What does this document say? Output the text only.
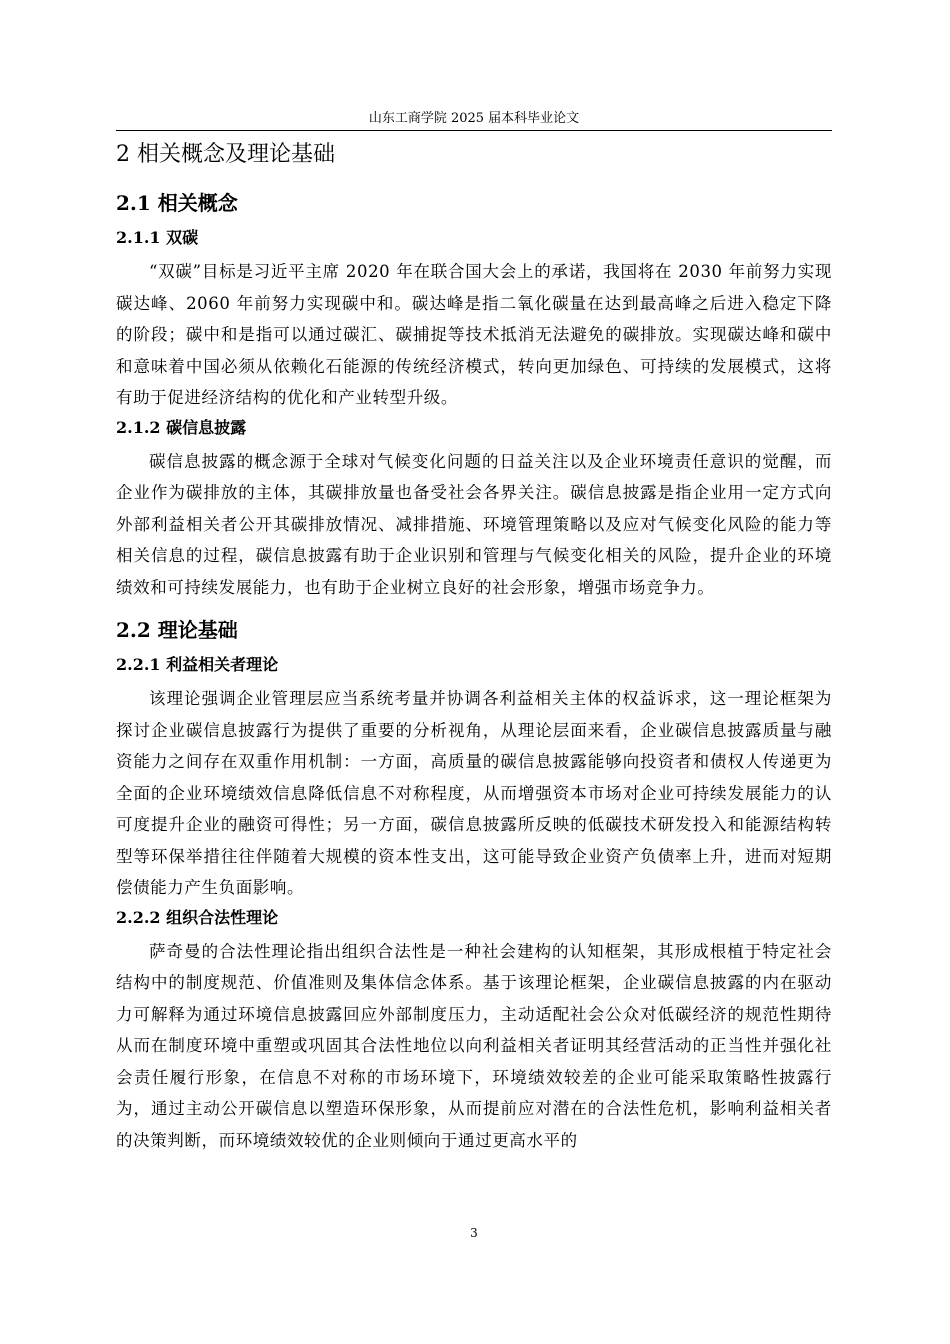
山东工商学院 2025 届本科毕业论文
2 相关概念及理论基础
2.1 相关概念
2.1.1 双碳

“双碳”目标是习近平主席 2020 年在联合国大会上的承诺，我国将在 2030 年前努力实现碳达峰、2060 年前努力实现碳中和。碳达峰是指二氧化碳量在达到最高峰之后进入稳定下降的阶段；碳中和是指可以通过碳汇、碳捕捉等技术抵消无法避免的碳排放。实现碳达峰和碳中和意味着中国必须从依赖化石能源的传统经济模式，转向更加绿色、可持续的发展模式，这将有助于促进经济结构的优化和产业转型升级。

2.1.2 碳信息披露

碳信息披露的概念源于全球对气候变化问题的日益关注以及企业环境责任意识的觉醒，而企业作为碳排放的主体，其碳排放量也备受社会各界关注。碳信息披露是指企业用一定方式向外部利益相关者公开其碳排放情况、减排措施、环境管理策略以及应对气候变化风险的能力等相关信息的过程，碳信息披露有助于企业识别和管理与气候变化相关的风险，提升企业的环境绩效和可持续发展能力，也有助于企业树立良好的社会形象，增强市场竞争力。

2.2 理论基础
2.2.1 利益相关者理论

该理论强调企业管理层应当系统考量并协调各利益相关主体的权益诉求，这一理论框架为探讨企业碳信息披露行为提供了重要的分析视角，从理论层面来看，企业碳信息披露质量与融资能力之间存在双重作用机制：一方面，高质量的碳信息披露能够向投资者和债权人传递更为全面的企业环境绩效信息降低信息不对称程度，从而增强资本市场对企业可持续发展能力的认可度提升企业的融资可得性；另一方面，碳信息披露所反映的低碳技术研发投入和能源结构转型等环保举措往往伴随着大规模的资本性支出，这可能导致企业资产负债率上升，进而对短期偿债能力产生负面影响。

2.2.2 组织合法性理论

萨奇曼的合法性理论指出组织合法性是一种社会建构的认知框架，其形成根植于特定社会结构中的制度规范、价值准则及集体信念体系。基于该理论框架，企业碳信息披露的内在驱动力可解释为通过环境信息披露回应外部制度压力，主动适配社会公众对低碳经济的规范性期待从而在制度环境中重塑或巩固其合法性地位以向利益相关者证明其经营活动的正当性并强化社会责任履行形象，在信息不对称的市场环境下，环境绩效较差的企业可能采取策略性披露行为，通过主动公开碳信息以塑造环保形象，从而提前应对潜在的合法性危机，影响利益相关者的决策判断，而环境绩效较优的企业则倾向于通过更高水平的

3
